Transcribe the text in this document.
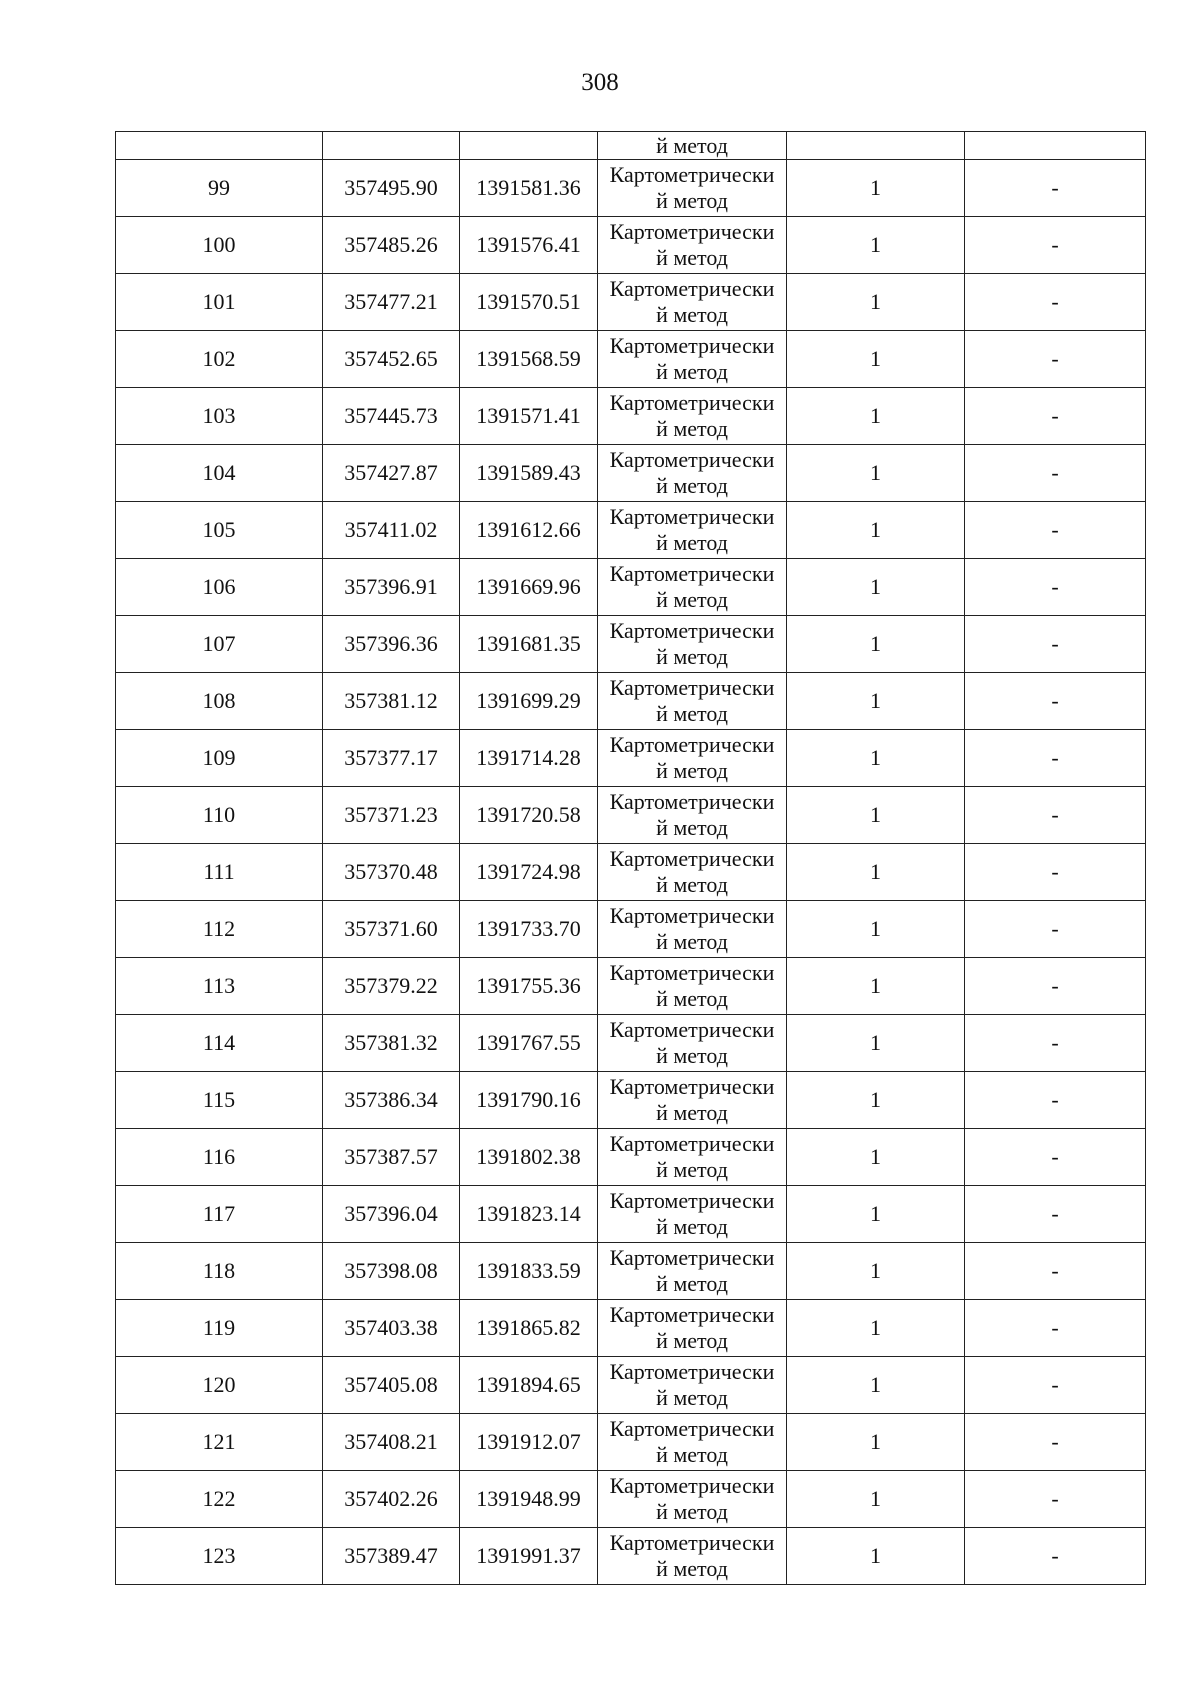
308
			й метод		
99	357495.90	1391581.36	Картометрически
й метод	1	-
100	357485.26	1391576.41	Картометрически
й метод	1	-
101	357477.21	1391570.51	Картометрически
й метод	1	-
102	357452.65	1391568.59	Картометрически
й метод	1	-
103	357445.73	1391571.41	Картометрически
й метод	1	-
104	357427.87	1391589.43	Картометрически
й метод	1	-
105	357411.02	1391612.66	Картометрически
й метод	1	-
106	357396.91	1391669.96	Картометрически
й метод	1	-
107	357396.36	1391681.35	Картометрически
й метод	1	-
108	357381.12	1391699.29	Картометрически
й метод	1	-
109	357377.17	1391714.28	Картометрически
й метод	1	-
110	357371.23	1391720.58	Картометрически
й метод	1	-
111	357370.48	1391724.98	Картометрически
й метод	1	-
112	357371.60	1391733.70	Картометрически
й метод	1	-
113	357379.22	1391755.36	Картометрически
й метод	1	-
114	357381.32	1391767.55	Картометрически
й метод	1	-
115	357386.34	1391790.16	Картометрически
й метод	1	-
116	357387.57	1391802.38	Картометрически
й метод	1	-
117	357396.04	1391823.14	Картометрически
й метод	1	-
118	357398.08	1391833.59	Картометрически
й метод	1	-
119	357403.38	1391865.82	Картометрически
й метод	1	-
120	357405.08	1391894.65	Картометрически
й метод	1	-
121	357408.21	1391912.07	Картометрически
й метод	1	-
122	357402.26	1391948.99	Картометрически
й метод	1	-
123	357389.47	1391991.37	Картометрически
й метод	1	-
